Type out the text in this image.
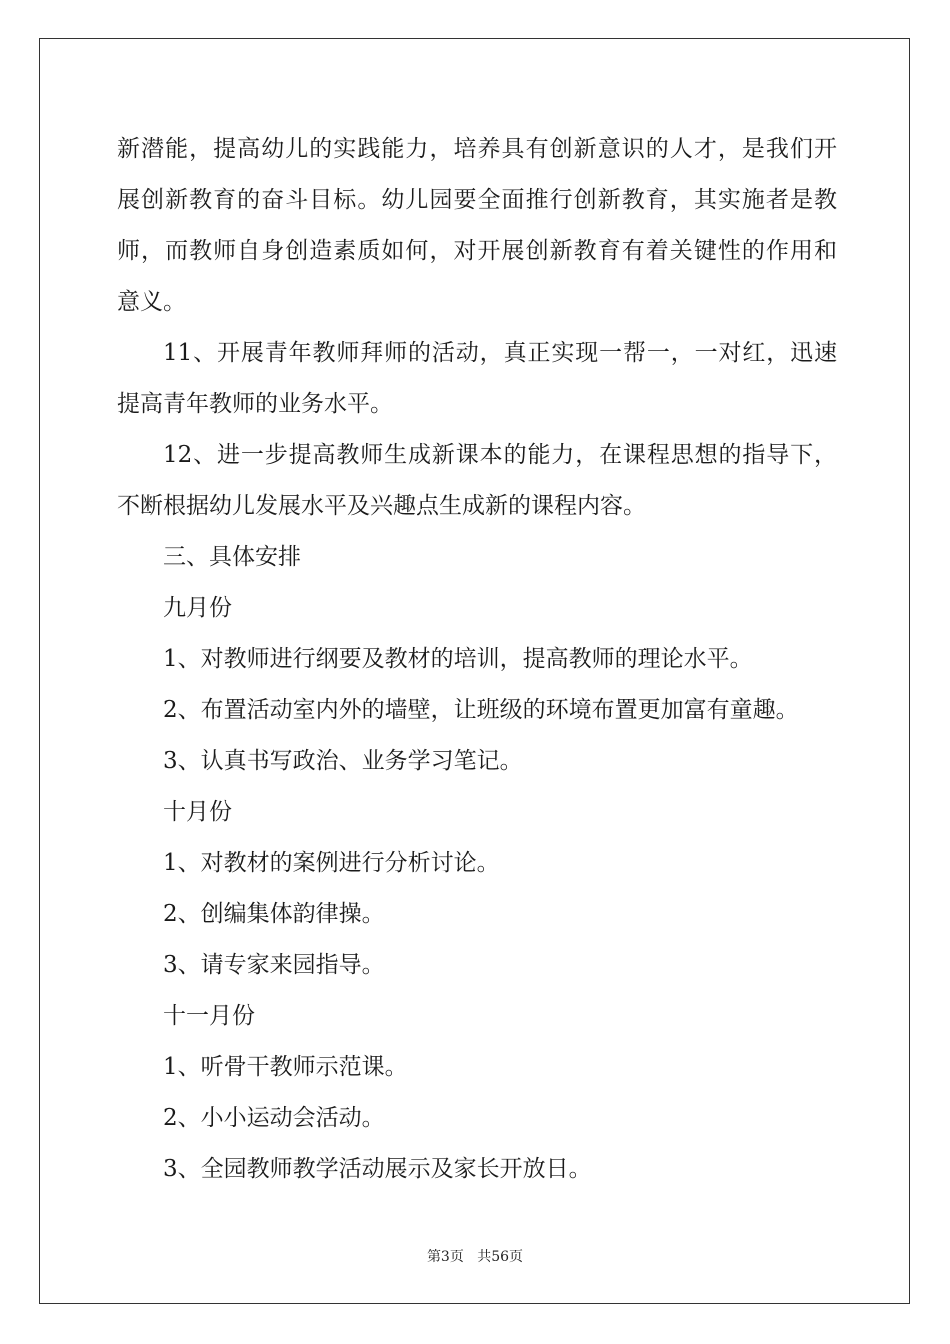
新潜能，提高幼儿的实践能力，培养具有创新意识的人才，是我们开
展创新教育的奋斗目标。幼儿园要全面推行创新教育，其实施者是教
师，而教师自身创造素质如何，对开展创新教育有着关键性的作用和
意义。
11、开展青年教师拜师的活动，真正实现一帮一，一对红，迅速
提高青年教师的业务水平。
12、进一步提高教师生成新课本的能力，在课程思想的指导下，
不断根据幼儿发展水平及兴趣点生成新的课程内容。
三、具体安排
九月份
1、对教师进行纲要及教材的培训，提高教师的理论水平。
2、布置活动室内外的墙壁，让班级的环境布置更加富有童趣。
3、认真书写政治、业务学习笔记。
十月份
1、对教材的案例进行分析讨论。
2、创编集体韵律操。
3、请专家来园指导。
十一月份
1、听骨干教师示范课。
2、小小运动会活动。
3、全园教师教学活动展示及家长开放日。
第3页 共56页
